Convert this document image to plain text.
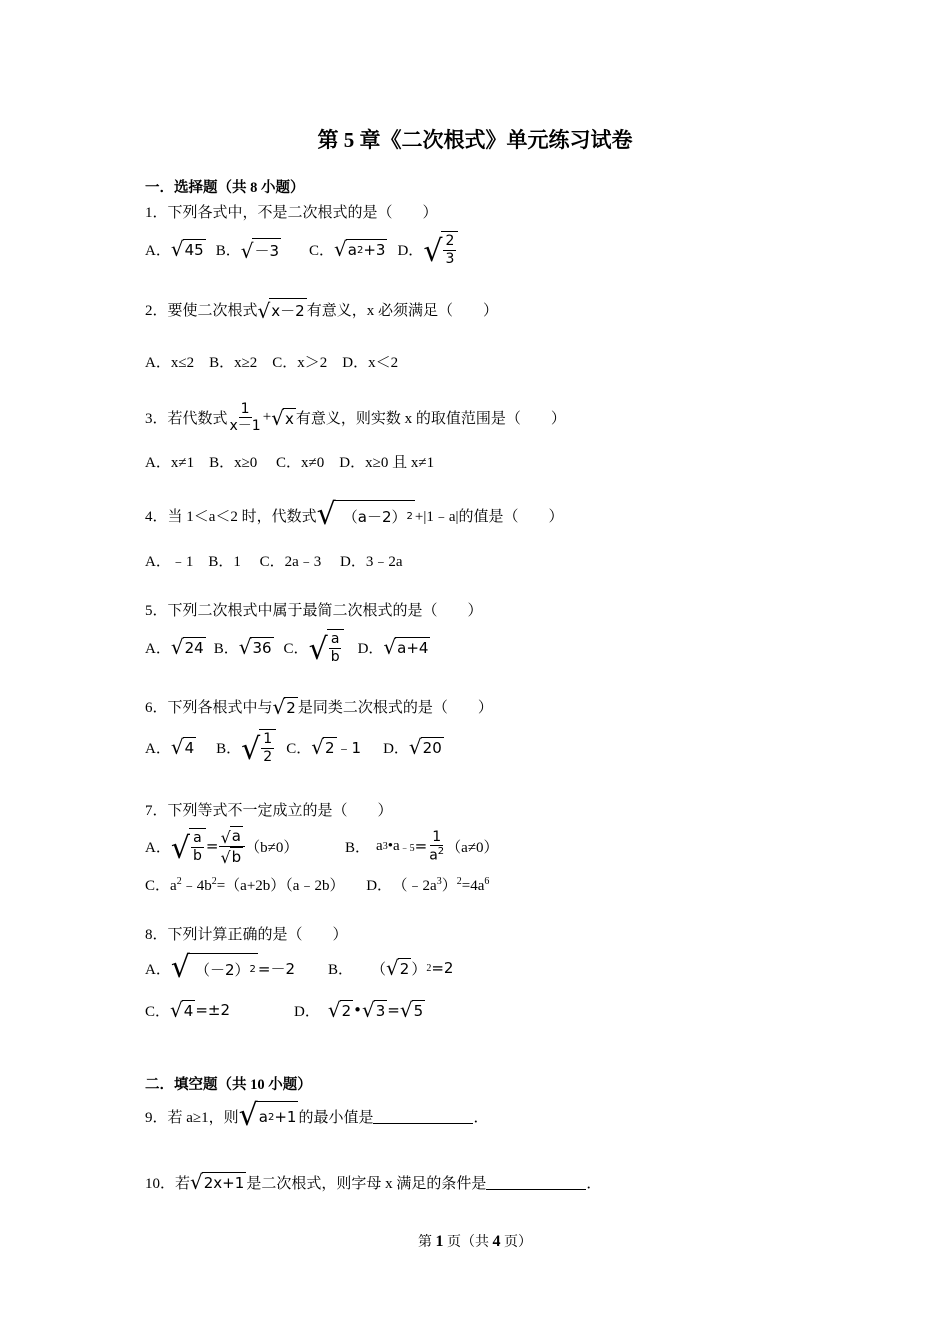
第 5 章《二次根式》单元练习试卷
一．选择题（共 8 小题）
1．下列各式中，不是二次根式的是（　　）
A． √ 45 B． √ －3 C． √ a 2 +3 D． √ $\frac{2}{3}$
2．要使二次根式 √ x－2 有意义，x 必须满足（　　）
A．x≤2　B．x≥2　C．x＞2　D．x＜2
3．若代数式 $\frac{1}{x-1}$ + √ x 有意义，则实数 x 的取值范围是（　　）
A．x≠1　B．x≥0　 C．x≠0　D．x≥0 且 x≠1
4．当 1＜a＜2 时，代数式 √ （a－2） 2 +|1﹣a|的值是（　　）
A．﹣1　B．1　 C．2a﹣3　 D．3﹣2a
5．下列二次根式中属于最简二次根式的是（　　）
A． √ 24 B． √ 36 C． √ $\frac{a}{b}$ D． √ a+4
6．下列各根式中与 √ 2 是同类二次根式的是（　　）
A． √ 4 B． √ $\frac{1}{2}$ C． √ 2 ﹣1 D． √ 20
7．下列等式不一定成立的是（　　）
A． √ $\frac{a}{b} = \frac{√ a}{√ b} (b\ne 0)$	B． a 3 •a ﹣5 = $\frac{1}{a^2} (a\ne 0)$
C．$a^2﹣4b^2=(a+2b)(a﹣2b)$ D． $(﹣2a^3)^2=4a^6$
8．下列计算正确的是（　　）
A． √ （－2） 2 =－2 B． （ √ 2 ） 2 =2
C． √ 4 =±2	D． √ 2 • √ 3 = √ 5
二．填空题（共 10 小题）
9．若 a≥1，则 √ a 2 +1 的最小值是	．
10．若 √ 2x+1 是二次根式，则字母 x 满足的条件是	．
第 1 页（共 4 页）
